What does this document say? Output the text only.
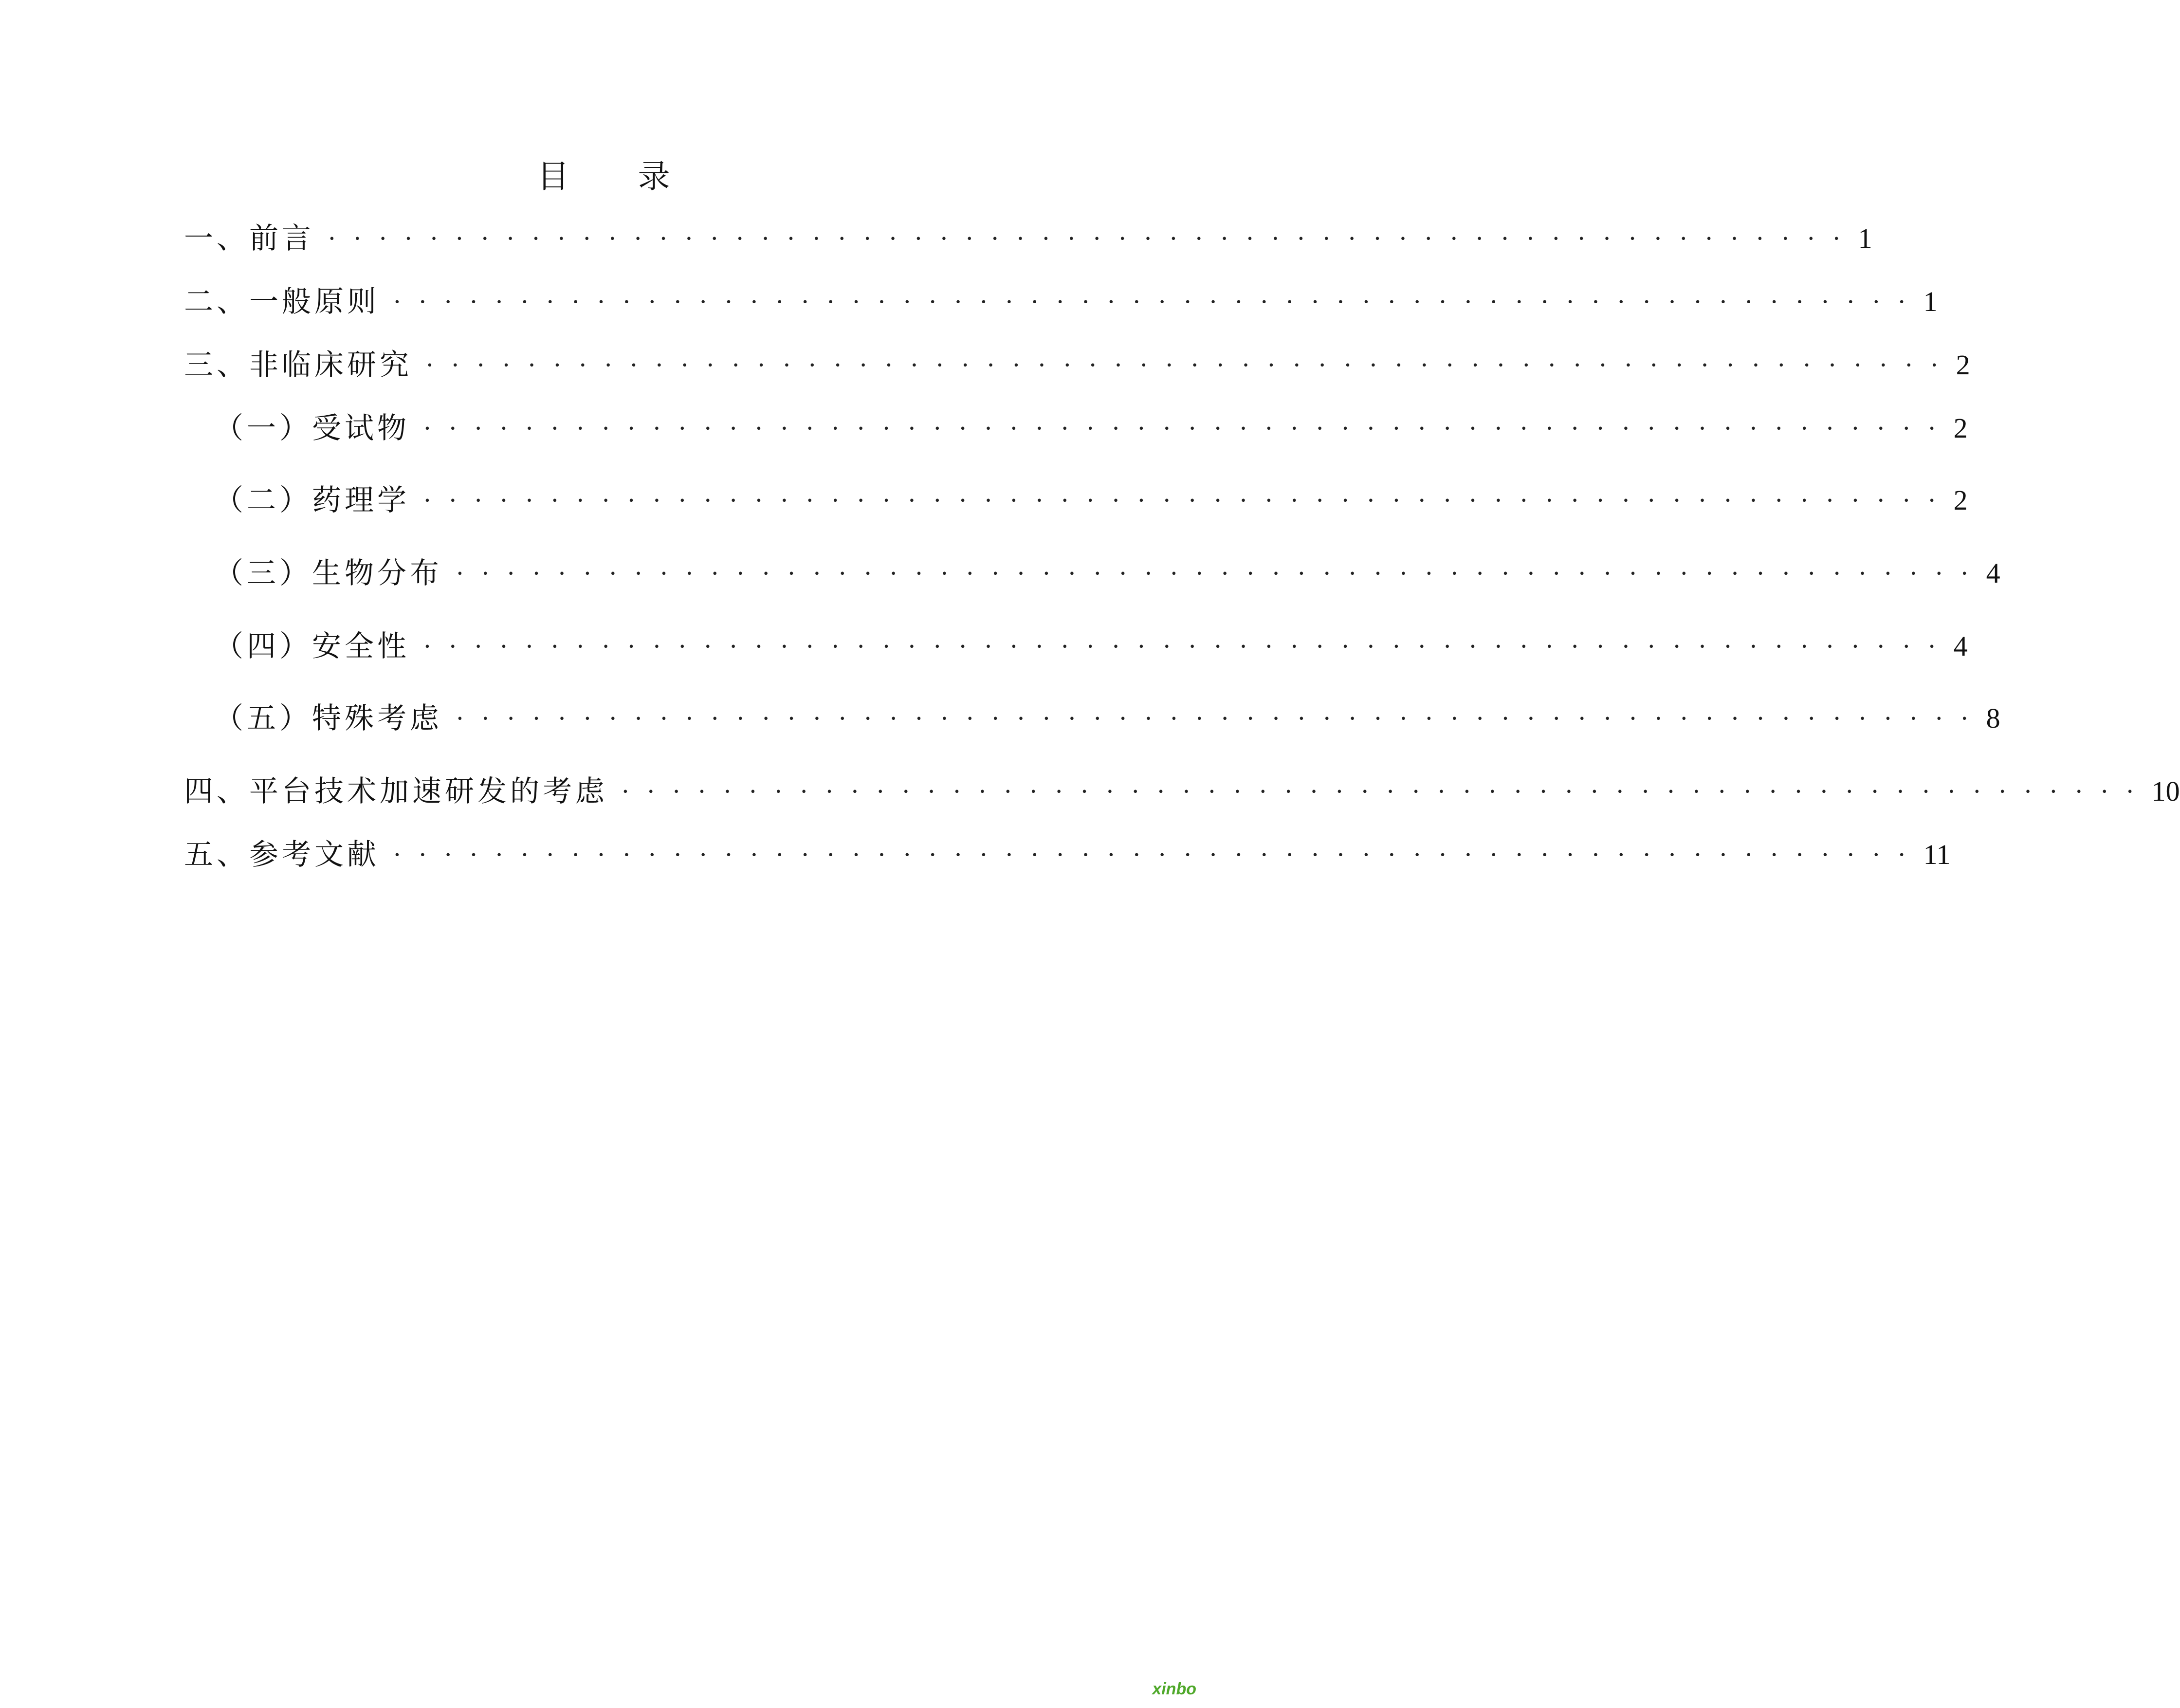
目 录
一、前言 ···························································· 1
二、一般原则 ···························································· 1
三、非临床研究 ···························································· 2
（一）受试物 ···························································· 2
（二）药理学 ···························································· 2
（三）生物分布 ···························································· 4
（四）安全性 ···························································· 4
（五）特殊考虑 ···························································· 8
四、平台技术加速研发的考虑 ···························································· 10
五、参考文献 ···························································· 11
xinbo
